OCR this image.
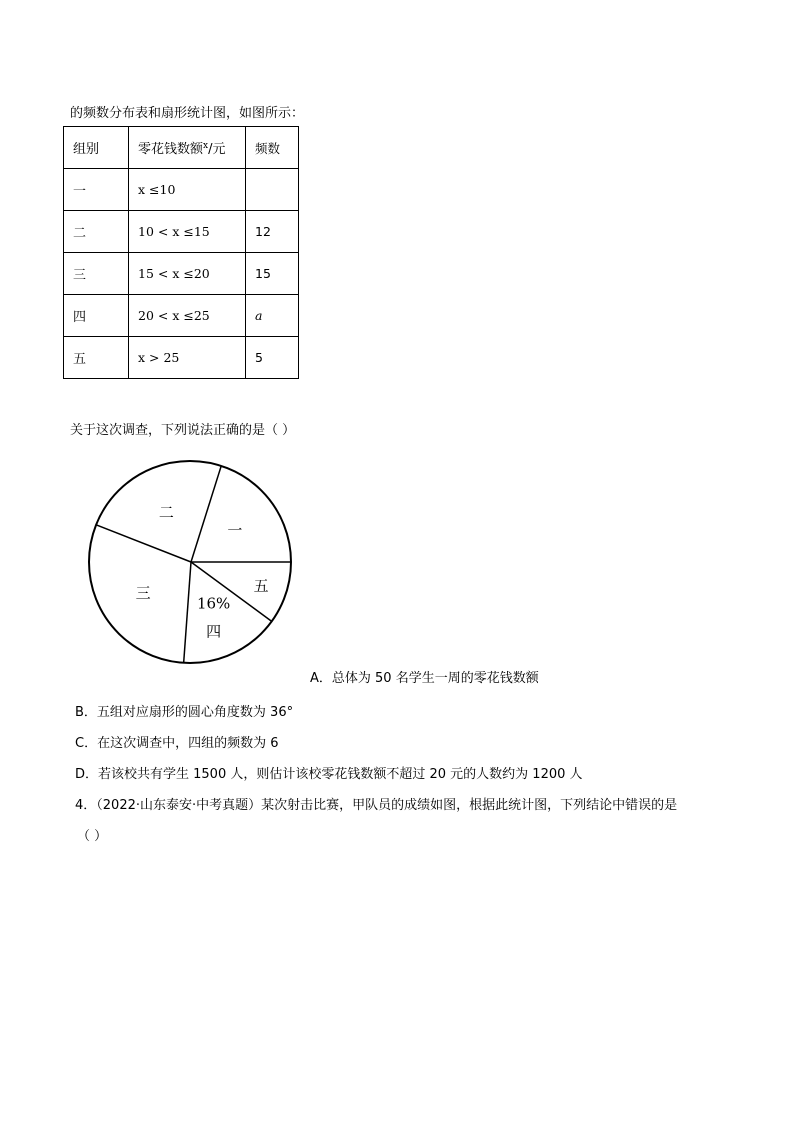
的频数分布表和扇形统计图，如图所示：
组别	零花钱数额$^x$/元	频数
一	x ≤10	
二	10 < x ≤15	12
三	15 < x ≤20	15
四	20 < x ≤25	a
五	x > 25	5
关于这次调查，下列说法正确的是（ ）
一
二
三
16%
四
五
A．总体为 50 名学生一周的零花钱数额
B．五组对应扇形的圆心角度数为 36°
C．在这次调查中，四组的频数为 6
D．若该校共有学生 1500 人，则估计该校零花钱数额不超过 20 元的人数约为 1200 人
4．（2022·山东泰安·中考真题）某次射击比赛，甲队员的成绩如图，根据此统计图，下列结论中错误的是
（ ）
